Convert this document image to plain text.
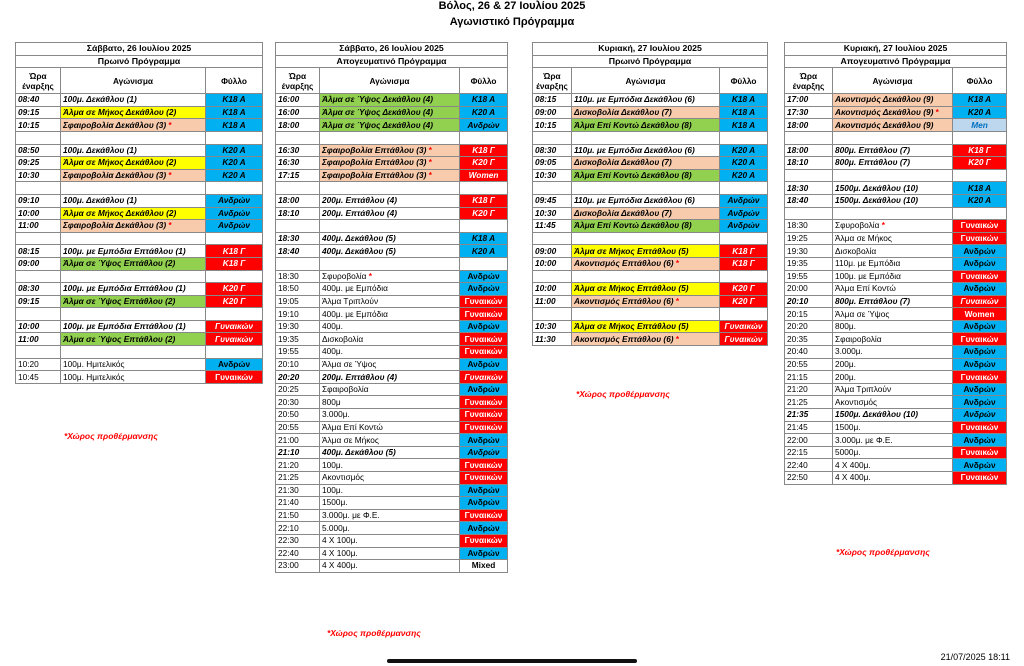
Βόλος, 26 & 27 Ιουλίου 2025
Αγωνιστικό Πρόγραμμα
Σάββατο, 26 Ιουλίου 2025		
Πρωινό Πρόγραμμα		
Ώρα έναρξης	Αγώνισμα	Φύλλο
08:40	100μ. Δεκάθλου (1)	K18 A
09:15	Άλμα σε Μήκος Δεκάθλου (2)	K18 A
10:15	Σφαιροβολία Δεκάθλου (3) *	K18 A

08:50	100μ. Δεκάθλου (1)	K20 A
09:25	Άλμα σε Μήκος Δεκάθλου (2)	K20 A
10:30	Σφαιροβολία Δεκάθλου (3) *	K20 A

09:10	100μ. Δεκάθλου (1)	Ανδρών
10:00	Άλμα σε Μήκος Δεκάθλου (2)	Ανδρών
11:00	Σφαιροβολία Δεκάθλου (3) *	Ανδρών

08:15	100μ. με Εμπόδια Επτάθλου (1)	K18 Γ
09:00	Άλμα σε Ύψος Επτάθλου (2)	K18 Γ

08:30	100μ. με Εμπόδια Επτάθλου (1)	K20 Γ
09:15	Άλμα σε Ύψος Επτάθλου (2)	K20 Γ

10:00	100μ. με Εμπόδια Επτάθλου (1)	Γυναικών
11:00	Άλμα σε Ύψος Επτάθλου (2)	Γυναικών

10:20	100μ. Ημιτελικός	Ανδρών
10:45	100μ. Ημιτελικός	Γυναικών
Σάββατο, 26 Ιουλίου 2025		
Απογευματινό Πρόγραμμα		
Ώρα έναρξης	Αγώνισμα	Φύλλο
16:00	Άλμα σε Ύψος Δεκάθλου (4)	K18 A
16:00	Άλμα σε Ύψος Δεκάθλου (4)	K20 A
18:00	Άλμα σε Ύψος Δεκάθλου (4)	Ανδρών

16:30	Σφαιροβολία Επτάθλου (3) *	K18 Γ
16:30	Σφαιροβολία Επτάθλου (3) *	K20 Γ
17:15	Σφαιροβολία Επτάθλου (3) *	Women

18:00	200μ. Επτάθλου (4)	K18 Γ
18:10	200μ. Επτάθλου (4)	K20 Γ

18:30	400μ. Δεκάθλου (5)	K18 A
18:40	400μ. Δεκάθλου (5)	K20 A

18:30	Σφυροβολία *	Ανδρών
18:50	400μ. με Εμπόδια	Ανδρών
19:05	Άλμα Τριπλούν	Γυναικών
19:10	400μ. με Εμπόδια	Γυναικών
19:30	400μ.	Ανδρών
19:35	Δισκοβολία	Γυναικών
19:55	400μ.	Γυναικών
20:10	Άλμα σε Ύψος	Ανδρών
20:20	200μ. Επτάθλου (4)	Γυναικών
20:25	Σφαιροβολία	Ανδρών
20:30	800μ	Γυναικών
20:50	3.000μ.	Γυναικών
20:55	Άλμα Επί Κοντώ	Γυναικών
21:00	Άλμα σε Μήκος	Ανδρών
21:10	400μ. Δεκάθλου (5)	Ανδρών
21:20	100μ.	Γυναικών
21:25	Ακοντισμός	Γυναικών
21:30	100μ.	Ανδρών
21:40	1500μ.	Ανδρών
21:50	3.000μ. με Φ.Ε.	Γυναικών
22:10	5.000μ.	Ανδρών
22:30	4 Χ 100μ.	Γυναικών
22:40	4 Χ 100μ.	Ανδρών
23:00	4 Χ 400μ.	Mixed
Κυριακή, 27 Ιουλίου 2025		
Πρωινό Πρόγραμμα		
Ώρα έναρξης	Αγώνισμα	Φύλλο
08:15	110μ. με Εμπόδια Δεκάθλου (6)	K18 A
09:00	Δισκοβολία Δεκάθλου (7)	K18 A
10:15	Άλμα Επί Κοντώ Δεκάθλου (8)	K18 A

08:30	110μ. με Εμπόδια Δεκάθλου (6)	K20 A
09:05	Δισκοβολία Δεκάθλου (7)	K20 A
10:30	Άλμα Επί Κοντώ Δεκάθλου (8)	K20 A

09:45	110μ. με Εμπόδια Δεκάθλου (6)	Ανδρών
10:30	Δισκοβολία Δεκάθλου (7)	Ανδρών
11:45	Άλμα Επί Κοντώ Δεκάθλου (8)	Ανδρών

09:00	Άλμα σε Μήκος Επτάθλου (5)	K18 Γ
10:00	Ακοντισμός Επτάθλου (6) *	K18 Γ

10:00	Άλμα σε Μήκος Επτάθλου (5)	K20 Γ
11:00	Ακοντισμός Επτάθλου (6) *	K20 Γ

10:30	Άλμα σε Μήκος Επτάθλου (5)	Γυναικών
11:30	Ακοντισμός Επτάθλου (6) *	Γυναικών
Κυριακή, 27 Ιουλίου 2025		
Απογευματινό Πρόγραμμα		
Ώρα έναρξης	Αγώνισμα	Φύλλο
17:00	Ακοντισμός Δεκάθλου (9)	K18 A
17:30	Ακοντισμός Δεκάθλου (9) *	K20 A
18:00	Ακοντισμός Δεκάθλου (9)	Men

18:00	800μ. Επτάθλου (7)	K18 Γ
18:10	800μ. Επτάθλου (7)	K20 Γ

18:30	1500μ. Δεκάθλου (10)	K18 A
18:40	1500μ. Δεκάθλου (10)	K20 A

18:30	Σφυροβολία *	Γυναικών
19:25	Άλμα σε Μήκος	Γυναικών
19:30	Δισκοβολία	Ανδρών
19:35	110μ. με Εμπόδια	Ανδρών
19:55	100μ. με Εμπόδια	Γυναικών
20:00	Άλμα Επί Κοντώ	Ανδρών
20:10	800μ. Επτάθλου (7)	Γυναικών
20:15	Άλμα σε Ύψος	Women
20:20	800μ.	Ανδρών
20:35	Σφαιροβολία	Γυναικών
20:40	3.000μ.	Ανδρών
20:55	200μ.	Ανδρών
21:15	200μ.	Γυναικών
21:20	Άλμα Τριπλούν	Ανδρών
21:25	Ακοντισμός	Ανδρών
21:35	1500μ. Δεκάθλου (10)	Ανδρών
21:45	1500μ.	Γυναικών
22:00	3.000μ. με Φ.Ε.	Ανδρών
22:15	5000μ.	Γυναικών
22:40	4 Χ 400μ.	Ανδρών
22:50	4 Χ 400μ.	Γυναικών
*Χώρος προθέρμανσης
*Χώρος προθέρμανσης
*Χώρος προθέρμανσης
*Χώρος προθέρμανσης
21/07/2025 18:11
